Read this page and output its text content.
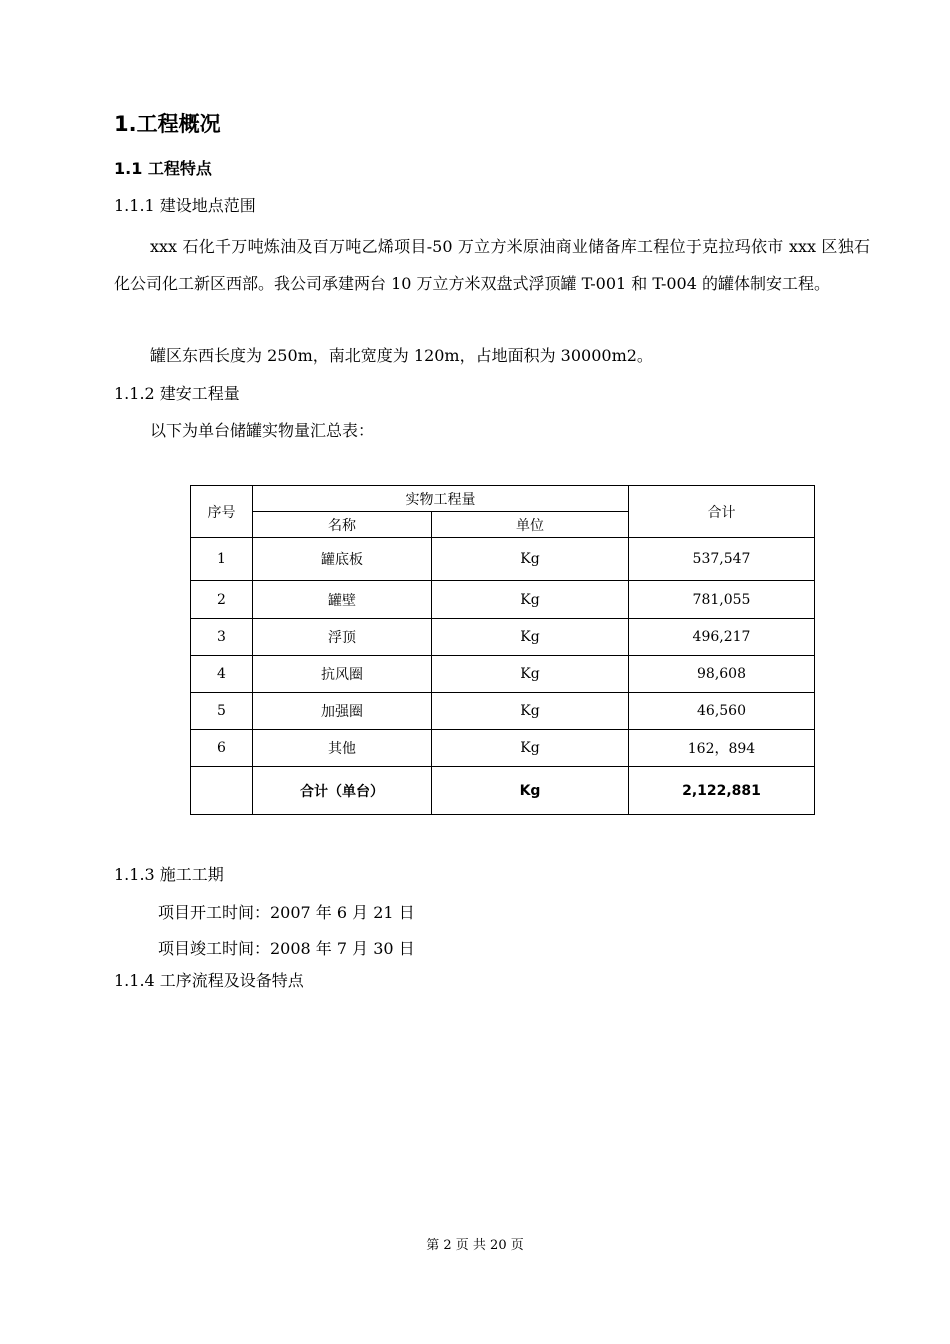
1.工程概况
1.1 工程特点
1.1.1 建设地点范围
xxx 石化千万吨炼油及百万吨乙烯项目-50 万立方米原油商业储备库工程位于克拉玛依市 xxx 区独石化公司化工新区西部。我公司承建两台 10 万立方米双盘式浮顶罐 T-001 和 T-004 的罐体制安工程。
罐区东西长度为 250m，南北宽度为 120m，占地面积为 30000m2。
1.1.2 建安工程量
以下为单台储罐实物量汇总表：
序号	实物工程量		合计
	名称	单位	
1	罐底板	Kg	537,547
2	罐壁	Kg	781,055
3	浮顶	Kg	496,217
4	抗风圈	Kg	98,608
5	加强圈	Kg	46,560
6	其他	Kg	162，894
	合计（单台）	Kg	2,122,881
1.1.3 施工工期
项目开工时间：2007 年 6 月 21 日
项目竣工时间：2008 年 7 月 30 日
1.1.4 工序流程及设备特点
第 2 页 共 20 页
